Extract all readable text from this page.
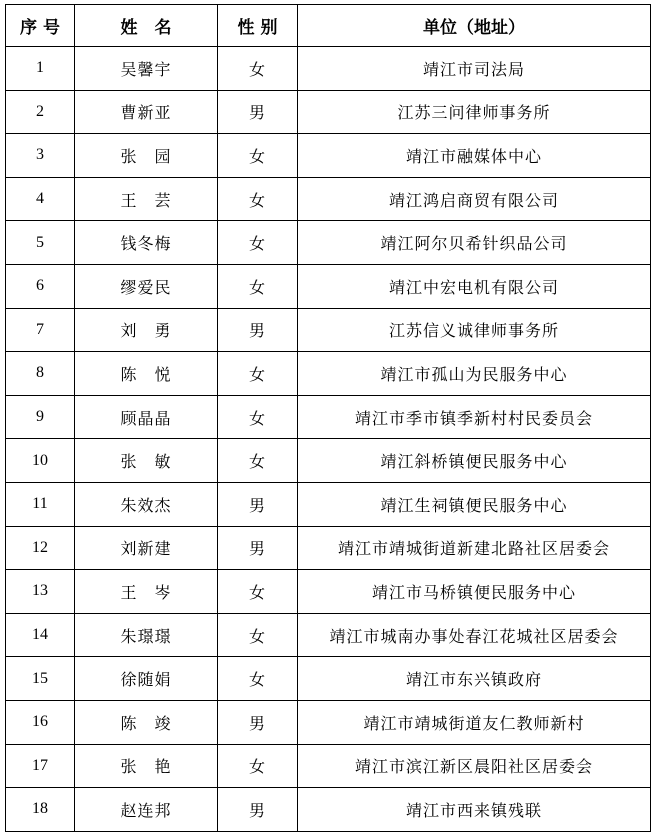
序 号	姓　名	性 别	单位（地址）
1	吴馨宇	女	靖江市司法局
2	曹新亚	男	江苏三问律师事务所
3	张　园	女	靖江市融媒体中心
4	王　芸	女	靖江鸿启商贸有限公司
5	钱冬梅	女	靖江阿尔贝希针织品公司
6	缪爱民	女	靖江中宏电机有限公司
7	刘　勇	男	江苏信义诚律师事务所
8	陈　悦	女	靖江市孤山为民服务中心
9	顾晶晶	女	靖江市季市镇季新村村民委员会
10	张　敏	女	靖江斜桥镇便民服务中心
11	朱效杰	男	靖江生祠镇便民服务中心
12	刘新建	男	靖江市靖城街道新建北路社区居委会
13	王　岑	女	靖江市马桥镇便民服务中心
14	朱璟璟	女	靖江市城南办事处春江花城社区居委会
15	徐随娟	女	靖江市东兴镇政府
16	陈　竣	男	靖江市靖城街道友仁教师新村
17	张　艳	女	靖江市滨江新区晨阳社区居委会
18	赵连邦	男	靖江市西来镇残联
